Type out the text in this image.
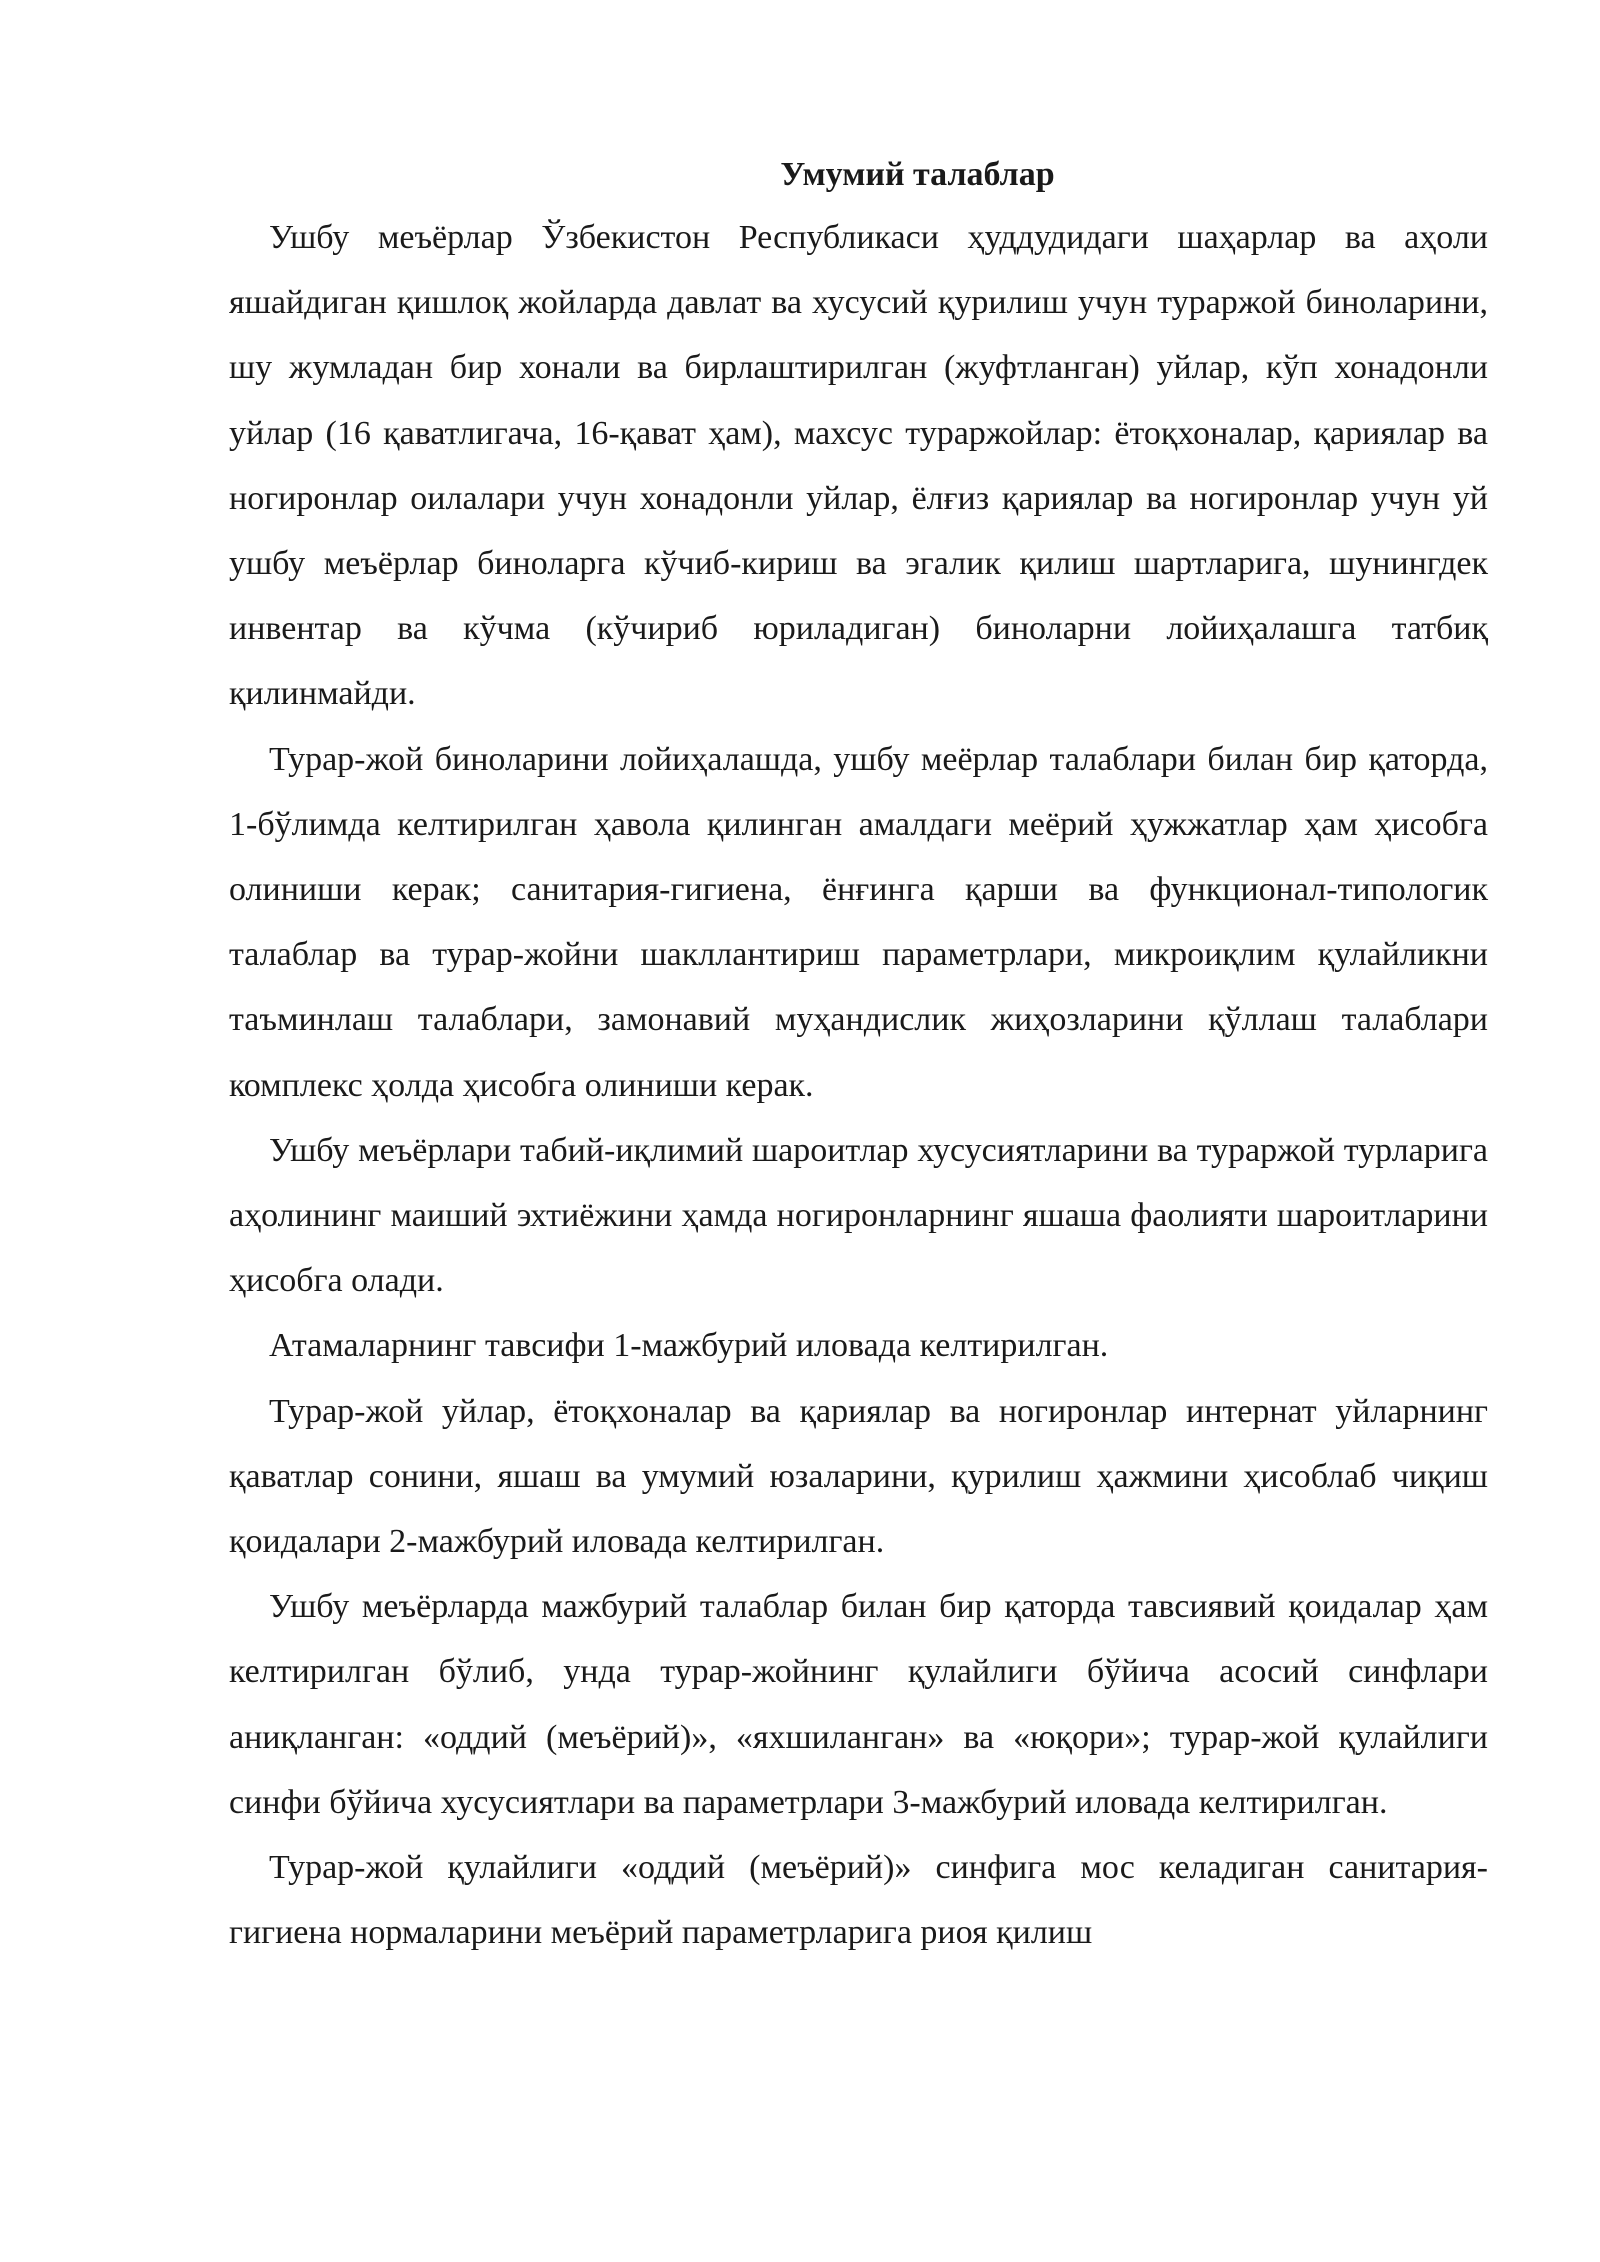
Умумий талаблар

Ушбу меъёрлар Ўзбекистон Республикаси ҳуддудидаги шаҳарлар ва аҳоли яшайдиган қишлоқ жойларда давлат ва хусусий қурилиш учун тураржой биноларини, шу жумладан бир хонали ва бирлаштирилган (жуфтланган) уйлар, кўп хонадонли уйлар (16 қаватлигача, 16-қават ҳам), махсус тураржойлар: ётоқхоналар, қариялар ва ногиронлар оилалари учун хонадонли уйлар, ёлғиз қариялар ва ногиронлар учун уй ушбу меъёрлар биноларга кўчиб-кириш ва эгалик қилиш шартларига, шунингдек инвентар ва кўчма (кўчириб юриладиган) биноларни лойиҳалашга татбиқ қилинмайди.

Турар-жой биноларини лойиҳалашда, ушбу меёрлар талаблари билан бир қаторда, 1-бўлимда келтирилган ҳавола қилинган амалдаги меёрий ҳужжатлар ҳам ҳисобга олиниши керак; санитария-гигиена, ёнғинга қарши ва функционал-типологик талаблар ва турар-жойни шакллантириш параметрлари, микроиқлим қулайликни таъминлаш талаблари, замонавий муҳандислик жиҳозларини қўллаш талаблари комплекс ҳолда ҳисобга олиниши керак.

Ушбу меъёрлари табий-иқлимий шароитлар хусусиятларини ва тураржой турларига аҳолининг маиший эхтиёжини ҳамда ногиронларнинг яшаша фаолияти шароитларини ҳисобга олади.

Атамаларнинг тавсифи 1-мажбурий иловада келтирилган.

Турар-жой уйлар, ётоқхоналар ва қариялар ва ногиронлар интернат уйларнинг қаватлар сонини, яшаш ва умумий юзаларини, қурилиш ҳажмини ҳисоблаб чиқиш қоидалари 2-мажбурий иловада келтирилган.

Ушбу меъёрларда мажбурий талаблар билан бир қаторда тавсиявий қоидалар ҳам келтирилган бўлиб, унда турар-жойнинг қулайлиги бўйича асосий синфлари аниқланган: «оддий (меъёрий)», «яхшиланган» ва «юқори»; турар-жой қулайлиги синфи бўйича хусусиятлари ва параметрлари 3-мажбурий иловада келтирилган.

Турар-жой қулайлиги «оддий (меъёрий)» синфига мос келадиган санитария-гигиена нормаларини меъёрий параметрларига риоя қилиш
